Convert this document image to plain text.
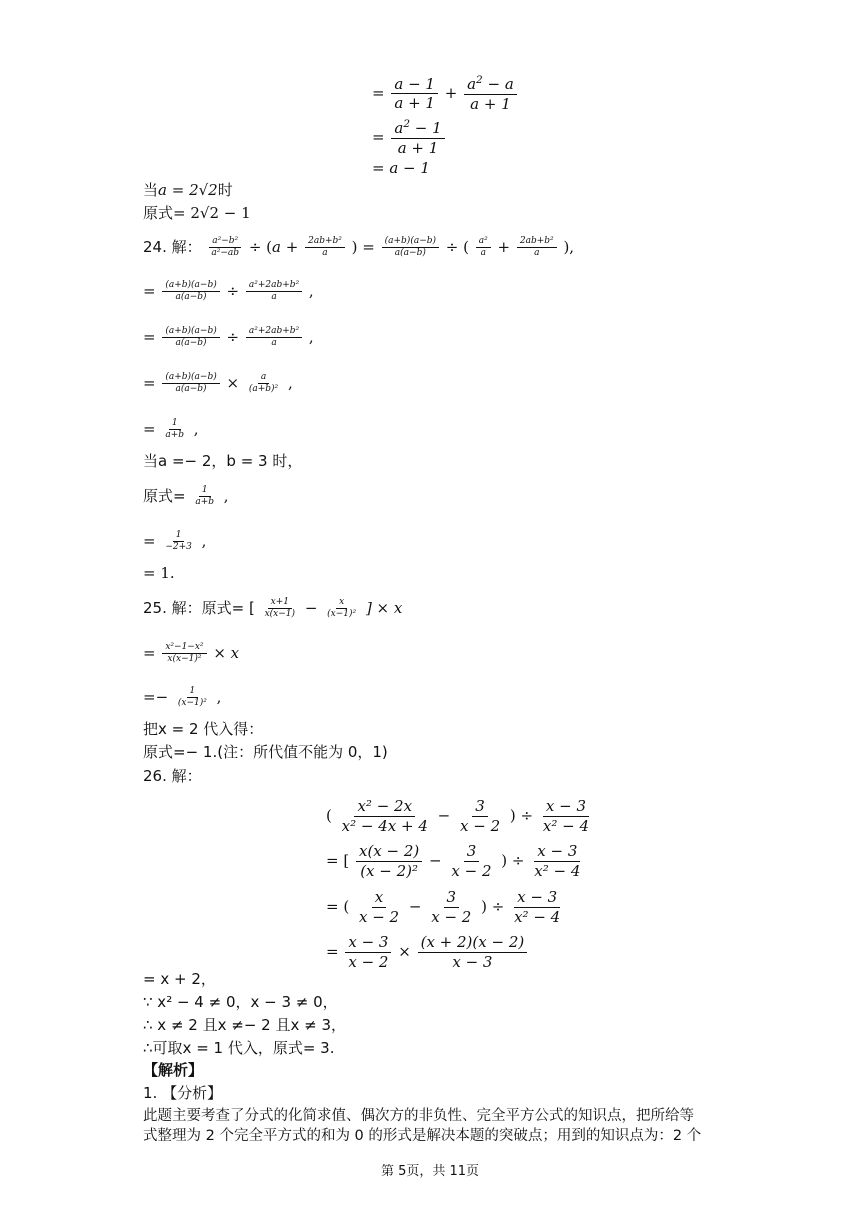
= $\frac{a - 1}{a + 1} + \frac{a^2 - a}{a + 1}$
= $\frac{a^2 - 1}{a + 1}$
= a − 1
当a = 2√2时
原式= 2√2 − 1
24. 解： $\frac{\text{a²−b²}}{\text{a²−ab}} \div (a + \frac{\text{2ab+b²}}{a}$ ) = $\frac{(a+b)(a-b)}{a(a-b)}$ ÷ ( $\frac{\text{a²}}{a} + \frac{\text{2ab+b²}}{a}$ ),
= $\frac{(a+b)(a-b)}{a(a-b)} \div \frac{\text{a²+2ab+b²}}{a}$ ,
= $\frac{(a+b)(a-b)}{a(a-b)} \div \frac{\text{a²+2ab+b²}}{a}$ ,
= $\frac{(a+b)(a-b)}{a(a-b)} \times \frac{a}{\text{(a+b)²}}$ ,
= $\frac{1}{a+b}$ ,
当a =− 2，b = 3 时，
原式= $\frac{1}{a+b}$ ,
= $\frac{1}{-2+3}$ ,
= 1.
25. 解：原式= [ $\frac{x+1}{x(x-1)} - \frac{x}{\text{(x−1)²}}$ ] × x
= $\frac{\text{x²−1−x²}}{\text{x(x−1)²}} \times x$
=− $\frac{1}{\text{(x−1)²}}$ ,
把x = 2 代入得：
原式=− 1.(注：所代值不能为 0，1)
26. 解：
( $\frac{\text{x² − 2x}}{\text{x² − 4x + 4}} - \frac{3}{x - 2}$ ) ÷ $\frac{x - 3}{\text{x² − 4}}$
= [ $\frac{x(x - 2)}{\text{(x − 2)²}} - \frac{3}{x - 2}$ ) ÷ $\frac{x - 3}{\text{x² − 4}}$
= ( $\frac{x}{x - 2} - \frac{3}{x - 2}$ ) ÷ $\frac{x - 3}{\text{x² − 4}}$
= $\frac{x - 3}{x - 2} \times \frac{(x + 2)(x - 2)}{x - 3}$
= x + 2，
∵ x² − 4 ≠ 0，x − 3 ≠ 0，
∴ x ≠ 2 且x ≠− 2 且x ≠ 3，
∴可取x = 1 代入，原式= 3.
【解析】
1. 【分析】
此题主要考查了分式的化简求值、偶次方的非负性、完全平方公式的知识点，把所给等
式整理为 2 个完全平方式的和为 0 的形式是解决本题的突破点；用到的知识点为：2 个
第 5页，共 11页
